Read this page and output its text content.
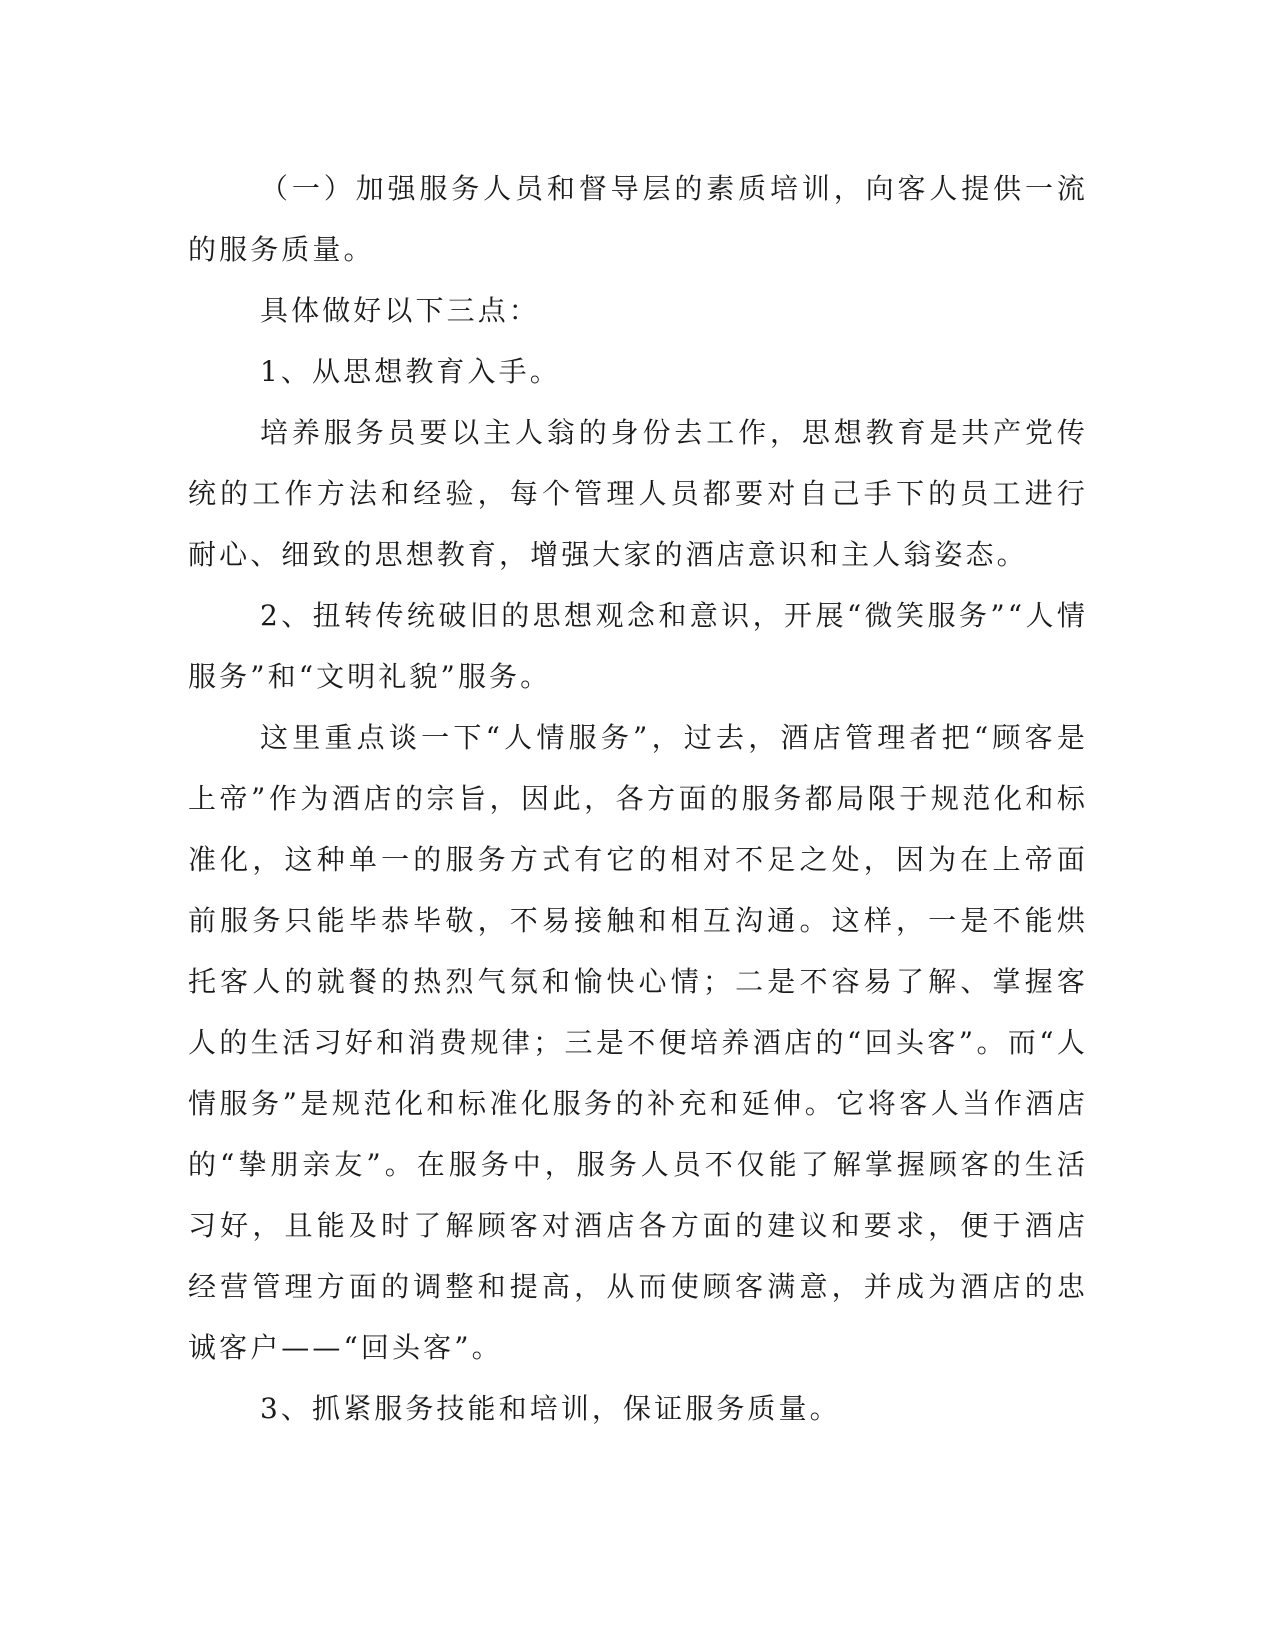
（一）加强服务人员和督导层的素质培训，向客人提供一流的服务质量。

具体做好以下三点：

1、从思想教育入手。

培养服务员要以主人翁的身份去工作，思想教育是共产党传统的工作方法和经验，每个管理人员都要对自己手下的员工进行耐心、细致的思想教育，增强大家的酒店意识和主人翁姿态。

2、扭转传统破旧的思想观念和意识，开展“微笑服务”“人情服务”和“文明礼貌”服务。

这里重点谈一下“人情服务”，过去，酒店管理者把“顾客是上帝”作为酒店的宗旨，因此，各方面的服务都局限于规范化和标准化，这种单一的服务方式有它的相对不足之处，因为在上帝面前服务只能毕恭毕敬，不易接触和相互沟通。这样，一是不能烘托客人的就餐的热烈气氛和愉快心情；二是不容易了解、掌握客人的生活习好和消费规律；三是不便培养酒店的“回头客”。而“人情服务”是规范化和标准化服务的补充和延伸。它将客人当作酒店的“挚朋亲友”。在服务中，服务人员不仅能了解掌握顾客的生活习好，且能及时了解顾客对酒店各方面的建议和要求，便于酒店经营管理方面的调整和提高，从而使顾客满意，并成为酒店的忠诚客户——“回头客”。

3、抓紧服务技能和培训，保证服务质量。
